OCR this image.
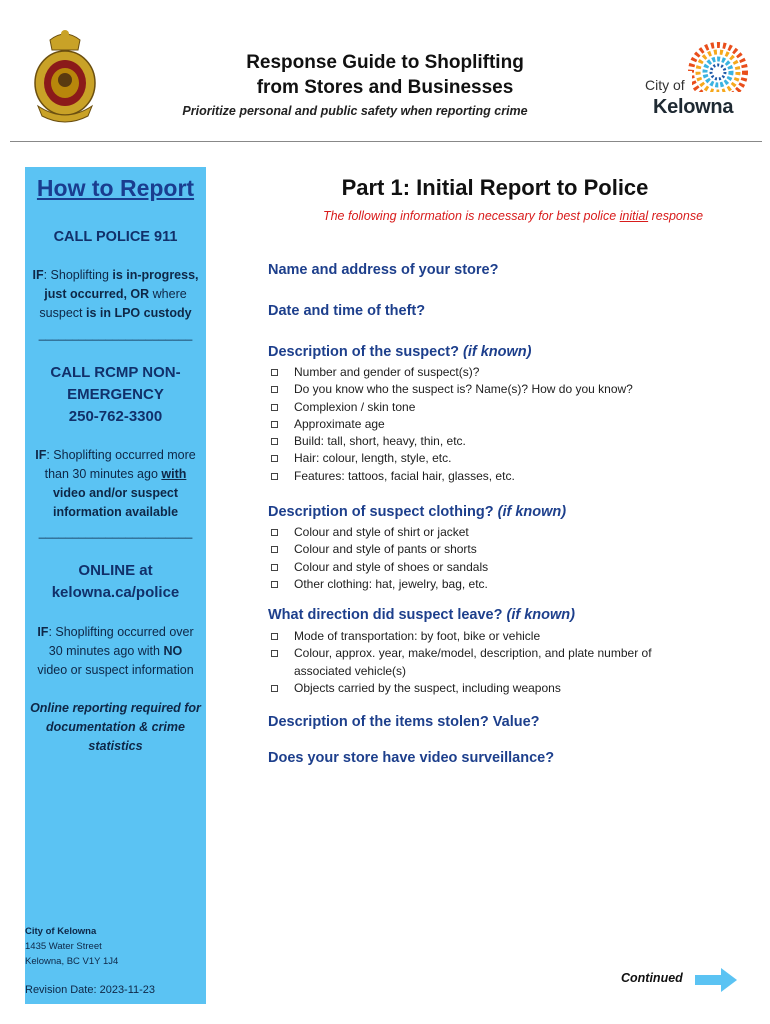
Response Guide to Shoplifting
from Stores and Businesses
Prioritize personal and public safety when reporting crime
City of
Kelowna
How to Report
CALL POLICE 911
IF: Shoplifting is in-progress,
just occurred, OR where
suspect is in LPO custody
_______________________
CALL RCMP NON-
EMERGENCY
250-762-3300
IF: Shoplifting occurred more
than 30 minutes ago with
video and/or suspect
information available
_______________________
ONLINE at
kelowna.ca/police
IF: Shoplifting occurred over
30 minutes ago with NO
video or suspect information
Online reporting required for
documentation & crime
statistics
City of Kelowna
1435 Water Street
Kelowna, BC V1Y 1J4
Revision Date: 2023-11-23
Part 1: Initial Report to Police
The following information is necessary for best police initial response
Name and address of your store?
Date and time of theft?
Description of the suspect? (if known)
Number and gender of suspect(s)?
Do you know who the suspect is? Name(s)? How do you know?
Complexion / skin tone
Approximate age
Build: tall, short, heavy, thin, etc.
Hair: colour, length, style, etc.
Features: tattoos, facial hair, glasses, etc.
Description of suspect clothing? (if known)
Colour and style of shirt or jacket
Colour and style of pants or shorts
Colour and style of shoes or sandals
Other clothing: hat, jewelry, bag, etc.
What direction did suspect leave? (if known)
Mode of transportation: by foot, bike or vehicle
Colour, approx. year, make/model, description, and plate number of associated vehicle(s)
Objects carried by the suspect, including weapons
Description of the items stolen? Value?
Does your store have video surveillance?
Continued
